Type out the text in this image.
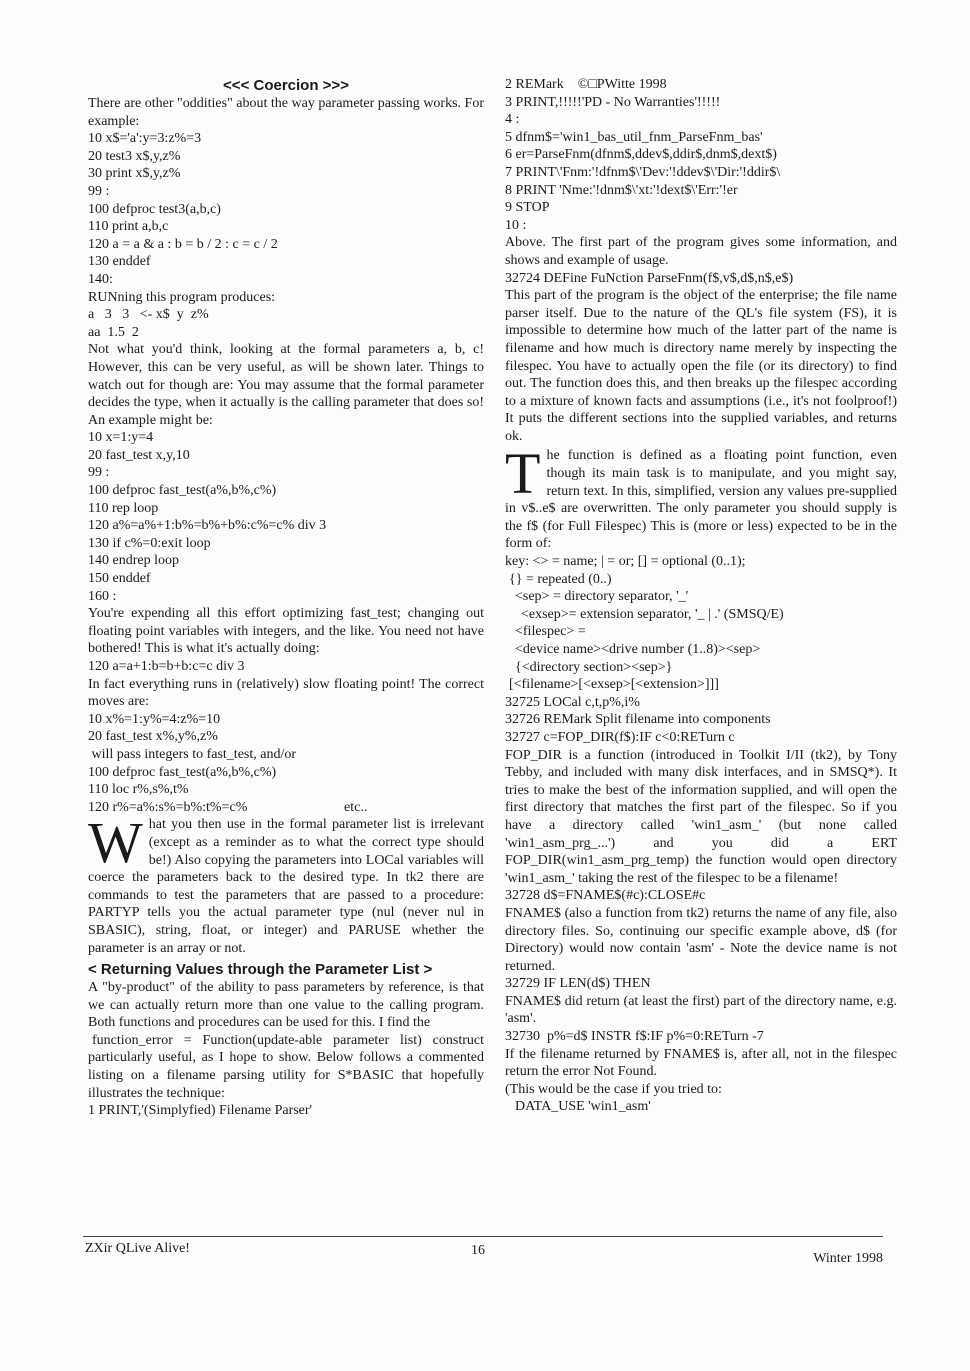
<<< Coercion >>>

There are other "oddities" about the way parameter passing works. For example:

10 x$='a':y=3:z%=3
20 test3 x$,y,z%
30 print x$,y,z%
99 :
100 defproc test3(a,b,c)
110 print a,b,c
120 a = a & a : b = b / 2 : c = c / 2
130 enddef
140:

RUNning this program produces:

a   3   3   <- x$  y  z%
aa  1.5  2

Not what you'd think, looking at the formal parameters a, b, c! However, this can be very useful, as will be shown later. Things to watch out for though are: You may assume that the formal parameter decides the type, when it actually is the calling parameter that does so! An example might be:

10 x=1:y=4
20 fast_test x,y,10
99 :
100 defproc fast_test(a%,b%,c%)
110 rep loop
120 a%=a%+1:b%=b%+b%:c%=c% div 3
130 if c%=0:exit loop
140 endrep loop
150 enddef
160 :

You're expending all this effort optimizing fast_test; changing out floating point variables with integers, and the like. You need not have bothered! This is what it's actually doing:

120 a=a+1:b=b+b:c=c div 3

In fact everything runs in (relatively) slow floating point! The correct moves are:

10 x%=1:y%=4:z%=10
20 fast_test x%,y%,z%
will pass integers to fast_test, and/or
100 defproc fast_test(a%,b%,c%)
110 loc r%,s%,t%
120 r%=a%:s%=b%:t%=c%	etc..
W hat you then use in the formal parameter list is irrelevant (except as a reminder as to what the correct type should be!) Also copying the parameters into LOCal variables will coerce the parameters back to the desired type. In tk2 there are commands to test the parameters that are passed to a procedure: PARTYP tells you the actual parameter type (nul (never nul in SBASIC), string, float, or integer) and PARUSE whether the parameter is an array or not.

< Returning Values through the Parameter List >

A "by-product" of the ability to pass parameters by reference, is that we can actually return more than one value to the calling program. Both functions and procedures can be used for this. I find the

function_error = Function(update-able parameter list) construct particularly useful, as I hope to show. Below follows a commented listing on a filename parsing utility for S*BASIC that hopefully illustrates the technique:

1 PRINT,'(Simplyfied) Filename Parser'
2 REMark    ©□PWitte 1998
3 PRINT,!!!!!'PD - No Warranties'!!!!!
4 :
5 dfnm$='win1_bas_util_fnm_ParseFnm_bas'
6 er=ParseFnm(dfnm$,ddev$,ddir$,dnm$,dext$)
7 PRINT\'Fnm:'!dfnm$\'Dev:'!ddev$\'Dir:'!ddir$\
8 PRINT 'Nme:'!dnm$\'xt:'!dext$\'Err:'!er
9 STOP
10 :

Above. The first part of the program gives some information, and shows and example of usage.

32724 DEFine FuNction ParseFnm(f$,v$,d$,n$,e$)

This part of the program is the object of the enterprise; the file name parser itself. Due to the nature of the QL's file system (FS), it is impossible to determine how much of the latter part of the name is filename and how much is directory name merely by inspecting the filespec. You have to actually open the file (or its directory) to find out. The function does this, and then breaks up the filespec according to a mixture of known facts and assumptions (i.e., it's not foolproof!) It puts the different sections into the supplied variables, and returns ok.

T he function is defined as a floating point function, even though its main task is to manipulate, and you might say, return text. In this, simplified, version any values pre-supplied in v$..e$ are overwritten. The only parameter you should supply is the f$ (for Full Filespec) This is (more or less) expected to be in the form of:
key: <> = name; | = or; [] = optional (0..1);
{} = repeated (0..)
<sep> = directory separator, '_'
<exsep>= extension separator, '_ | .' (SMSQ/E)
<filespec> =
<device name><drive number (1..8)><sep>
{<directory section><sep>}
[<filename>[<exsep>[<extension>]]]
32725 LOCal c,t,p%,i%
32726 REMark Split filename into components
32727 c=FOP_DIR(f$):IF c<0:RETurn c

FOP_DIR is a function (introduced in Toolkit I/II (tk2), by Tony Tebby, and included with many disk interfaces, and in SMSQ*). It tries to make the best of the information supplied, and will open the first directory that matches the first part of the filespec. So if you have a directory called 'win1_asm_' (but none called 'win1_asm_prg_...') and you did a ERT FOP_DIR(win1_asm_prg_temp) the function would open directory 'win1_asm_' taking the rest of the filespec to be a filename!

32728 d$=FNAME$(#c):CLOSE#c

FNAME$ (also a function from tk2) returns the name of any file, also directory files. So, continuing our specific example above, d$ (for Directory) would now contain 'asm' - Note the device name is not returned.

32729 IF LEN(d$) THEN

FNAME$ did return (at least the first) part of the directory name, e.g. 'asm'.

32730  p%=d$ INSTR f$:IF p%=0:RETurn -7

If the filename returned by FNAME$ is, after all, not in the filespec return the error Not Found.

(This would be the case if you tried to:

DATA_USE 'win1_asm'
ZXir QLive Alive!	16
Winter 1998
